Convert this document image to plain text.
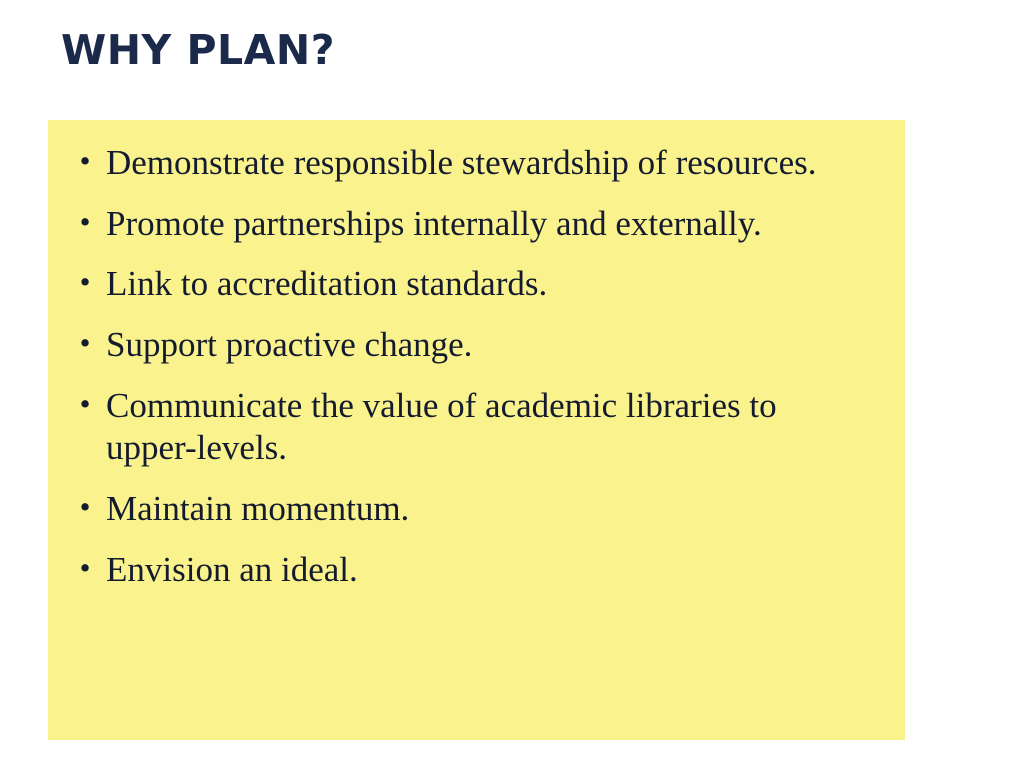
WHY PLAN?
• Demonstrate responsible stewardship of resources.
• Promote partnerships internally and externally.
• Link to accreditation standards.
• Support proactive change.
• Communicate the value of academic libraries to upper-levels.
• Maintain momentum.
• Envision an ideal.
